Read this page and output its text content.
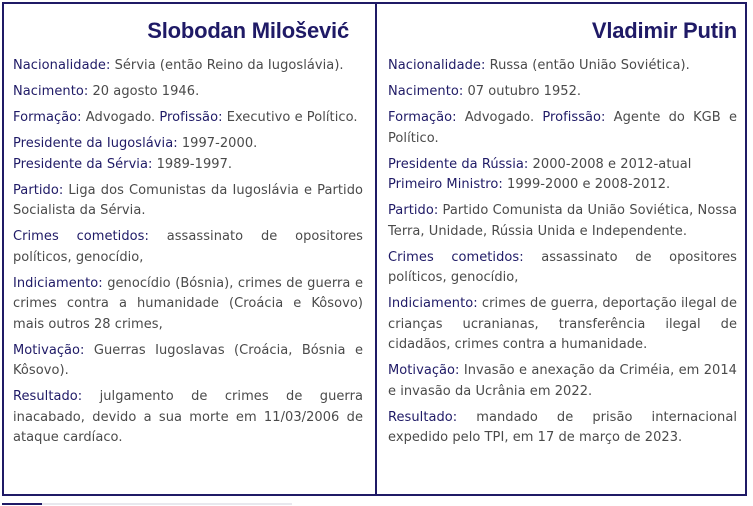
Slobodan Milošević
Nacionalidade: Sérvia (então Reino da Iugoslávia).
Nacimento: 20 agosto 1946.
Formação: Advogado. Profissão: Executivo e Político.

Presidente da Iugoslávia: 1997-2000.

Presidente da Sérvia: 1989-1997.

Partido: Liga dos Comunistas da Iugoslávia e Partido Socialista da Sérvia.
Crimes cometidos: assassinato de opositores políticos, genocídio,
Indiciamento: genocídio (Bósnia), crimes de guerra e crimes contra a humanidade (Croácia e Kôsovo) mais outros 28 crimes,
Motivação: Guerras Iugoslavas (Croácia, Bósnia e Kôsovo).
Resultado: julgamento de crimes de guerra inacabado, devido a sua morte em 11/03/2006 de ataque cardíaco.
Vladimir Putin
Nacionalidade: Russa (então União Soviética).
Nacimento: 07 outubro 1952.
Formação: Advogado. Profissão: Agente do KGB e Político.

Presidente da Rússia: 2000-2008 e 2012-atual

Primeiro Ministro: 1999-2000 e 2008-2012.

Partido: Partido Comunista da União Soviética, Nossa Terra, Unidade, Rússia Unida e Independente.
Crimes cometidos: assassinato de opositores políticos, genocídio,
Indiciamento: crimes de guerra, deportação ilegal de crianças ucranianas, transferência ilegal de cidadãos, crimes contra a humanidade.
Motivação: Invasão e anexação da Criméia, em 2014 e invasão da Ucrânia em 2022.
Resultado: mandado de prisão internacional expedido pelo TPI, em 17 de março de 2023.
